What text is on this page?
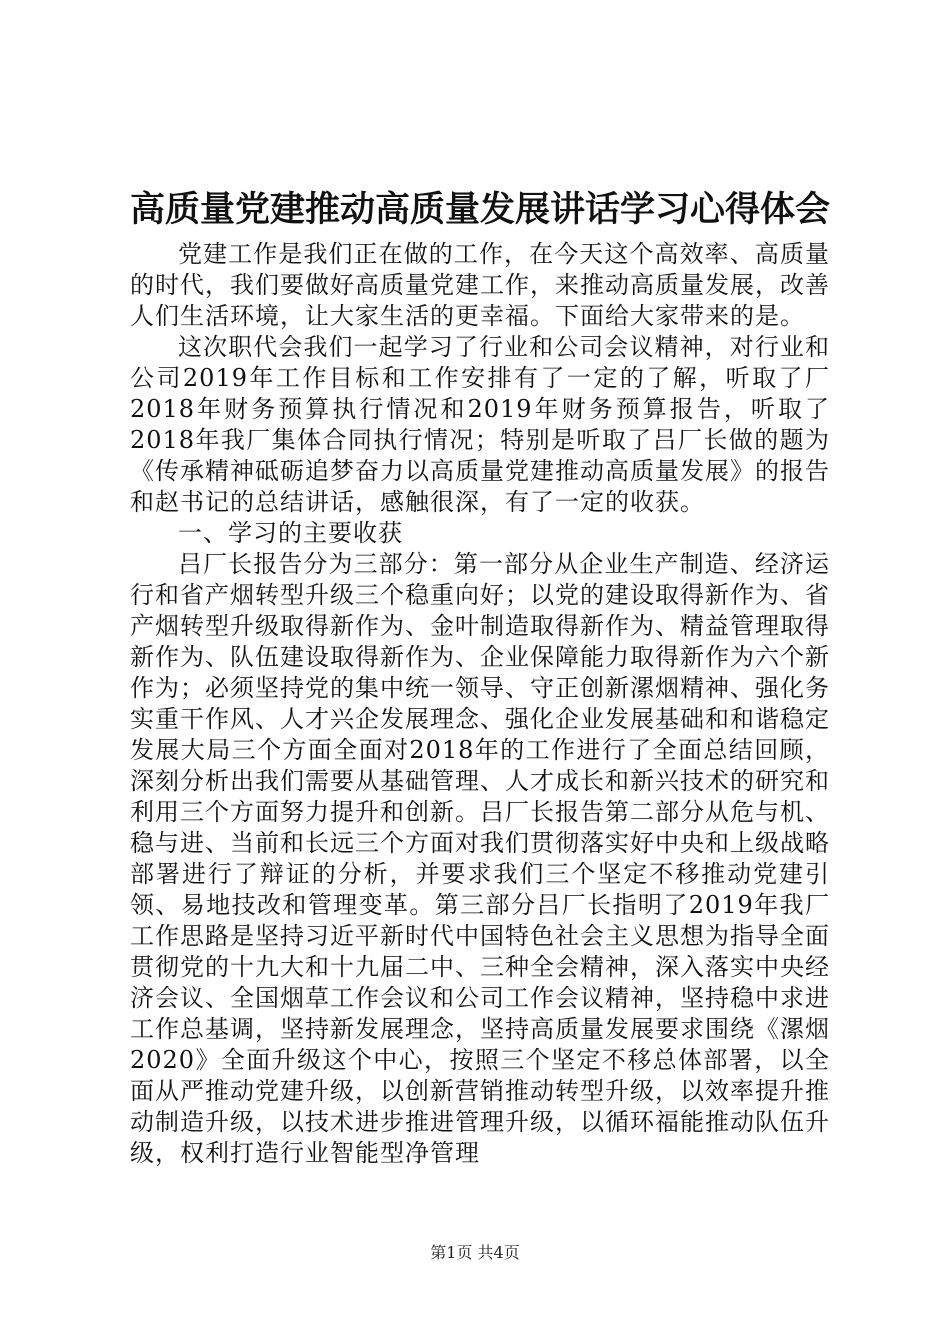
高质量党建推动高质量发展讲话学习心得体会

党建工作是我们正在做的工作，在今天这个高效率、高质量的时代，我们要做好高质量党建工作，来推动高质量发展，改善人们生活环境，让大家生活的更幸福。下面给大家带来的是。

这次职代会我们一起学习了行业和公司会议精神，对行业和公司2019年工作目标和工作安排有了一定的了解，听取了厂2018年财务预算执行情况和2019年财务预算报告，听取了2018年我厂集体合同执行情况；特别是听取了吕厂长做的题为《传承精神砥砺追梦奋力以高质量党建推动高质量发展》的报告和赵书记的总结讲话，感触很深，有了一定的收获。

一、学习的主要收获

吕厂长报告分为三部分：第一部分从企业生产制造、经济运行和省产烟转型升级三个稳重向好；以党的建设取得新作为、省产烟转型升级取得新作为、金叶制造取得新作为、精益管理取得新作为、队伍建设取得新作为、企业保障能力取得新作为六个新作为；必须坚持党的集中统一领导、守正创新漯烟精神、强化务实重干作风、人才兴企发展理念、强化企业发展基础和和谐稳定发展大局三个方面全面对2018年的工作进行了全面总结回顾，深刻分析出我们需要从基础管理、人才成长和新兴技术的研究和利用三个方面努力提升和创新。吕厂长报告第二部分从危与机、稳与进、当前和长远三个方面对我们贯彻落实好中央和上级战略部署进行了辩证的分析，并要求我们三个坚定不移推动党建引领、易地技改和管理变革。第三部分吕厂长指明了2019年我厂工作思路是坚持习近平新时代中国特色社会主义思想为指导全面贯彻党的十九大和十九届二中、三种全会精神，深入落实中央经济会议、全国烟草工作会议和公司工作会议精神，坚持稳中求进工作总基调，坚持新发展理念，坚持高质量发展要求围绕《漯烟2020》全面升级这个中心，按照三个坚定不移总体部署，以全面从严推动党建升级，以创新营销推动转型升级，以效率提升推动制造升级，以技术进步推进管理升级，以循环福能推动队伍升级，权利打造行业智能型净管理

第1页 共4页
